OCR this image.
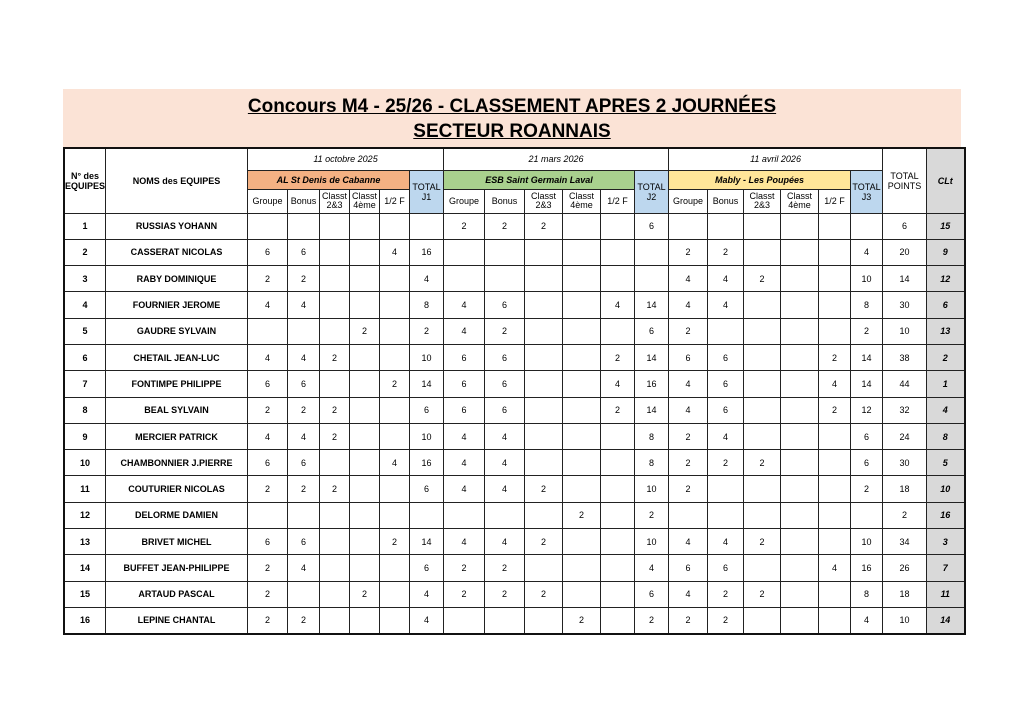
Concours M4 - 25/26 - CLASSEMENT APRES 2 JOURNÉES
SECTEUR ROANNAIS
N° des EQUIPES	NOMS des EQUIPES	11 octobre 2025						21 mars 2026						11 avril 2026						TOTAL POINTS	CLt
		AL St Denis de Cabanne					TOTAL J1	ESB Saint Germain Laval					TOTAL J2	Mably - Les Poupées					TOTAL J3		
		Groupe	Bonus	Classt 2&3	Classt 4ème	1/2 F		Groupe	Bonus	Classt 2&3	Classt 4ème	1/2 F		Groupe	Bonus	Classt 2&3	Classt 4ème	1/2 F			
1	RUSSIAS YOHANN							2	2	2			6							6	15
2	CASSERAT NICOLAS	6	6			4	16							2	2				4	20	9
3	RABY DOMINIQUE	2	2				4							4	4	2			10	14	12
4	FOURNIER JEROME	4	4				8	4	6			4	14	4	4				8	30	6
5	GAUDRE SYLVAIN				2		2	4	2				6	2					2	10	13
6	CHETAIL JEAN-LUC	4	4	2			10	6	6			2	14	6	6			2	14	38	2
7	FONTIMPE PHILIPPE	6	6			2	14	6	6			4	16	4	6			4	14	44	1
8	BEAL SYLVAIN	2	2	2			6	6	6			2	14	4	6			2	12	32	4
9	MERCIER PATRICK	4	4	2			10	4	4				8	2	4				6	24	8
10	CHAMBONNIER J.PIERRE	6	6			4	16	4	4				8	2	2	2			6	30	5
11	COUTURIER NICOLAS	2	2	2			6	4	4	2			10	2					2	18	10
12	DELORME DAMIEN										2		2							2	16
13	BRIVET MICHEL	6	6			2	14	4	4	2			10	4	4	2			10	34	3
14	BUFFET JEAN-PHILIPPE	2	4				6	2	2				4	6	6			4	16	26	7
15	ARTAUD PASCAL	2			2		4	2	2	2			6	4	2	2			8	18	11
16	LEPINE CHANTAL	2	2				4				2		2	2	2				4	10	14
